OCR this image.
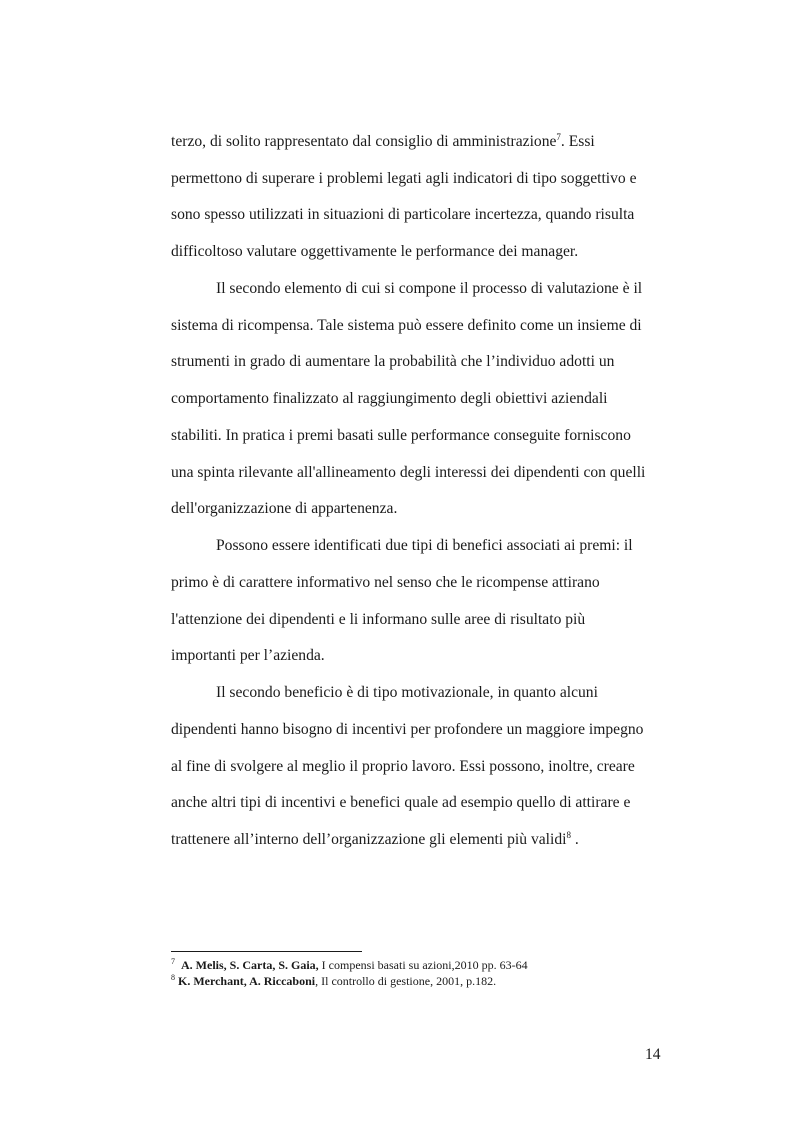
terzo, di solito rappresentato dal consiglio di amministrazione$^7$. Essi
permettono di superare i problemi legati agli indicatori di tipo soggettivo e
sono spesso utilizzati in situazioni di particolare incertezza, quando risulta
difficoltoso valutare oggettivamente le performance dei manager.
Il secondo elemento di cui si compone il processo di valutazione è il
sistema di ricompensa. Tale sistema può essere definito come un insieme di
strumenti in grado di aumentare la probabilità che l’individuo adotti un
comportamento finalizzato al raggiungimento degli obiettivi aziendali
stabiliti. In pratica i premi basati sulle performance conseguite forniscono
una spinta rilevante all'allineamento degli interessi dei dipendenti con quelli
dell'organizzazione di appartenenza.
Possono essere identificati due tipi di benefici associati ai premi: il
primo è di carattere informativo nel senso che le ricompense attirano
l'attenzione dei dipendenti e li informano sulle aree di risultato più
importanti per l’azienda.
Il secondo beneficio è di tipo motivazionale, in quanto alcuni
dipendenti hanno bisogno di incentivi per profondere un maggiore impegno
al fine di svolgere al meglio il proprio lavoro. Essi possono, inoltre, creare
anche altri tipi di incentivi e benefici quale ad esempio quello di attirare e
trattenere all’interno dell’organizzazione gli elementi più validi$^8$ .
$^7$ A. Melis, S. Carta, S. Gaia, I compensi basati su azioni,2010 pp. 63-64
$^8$ K. Merchant, A. Riccaboni, Il controllo di gestione, 2001, p.182.
14
